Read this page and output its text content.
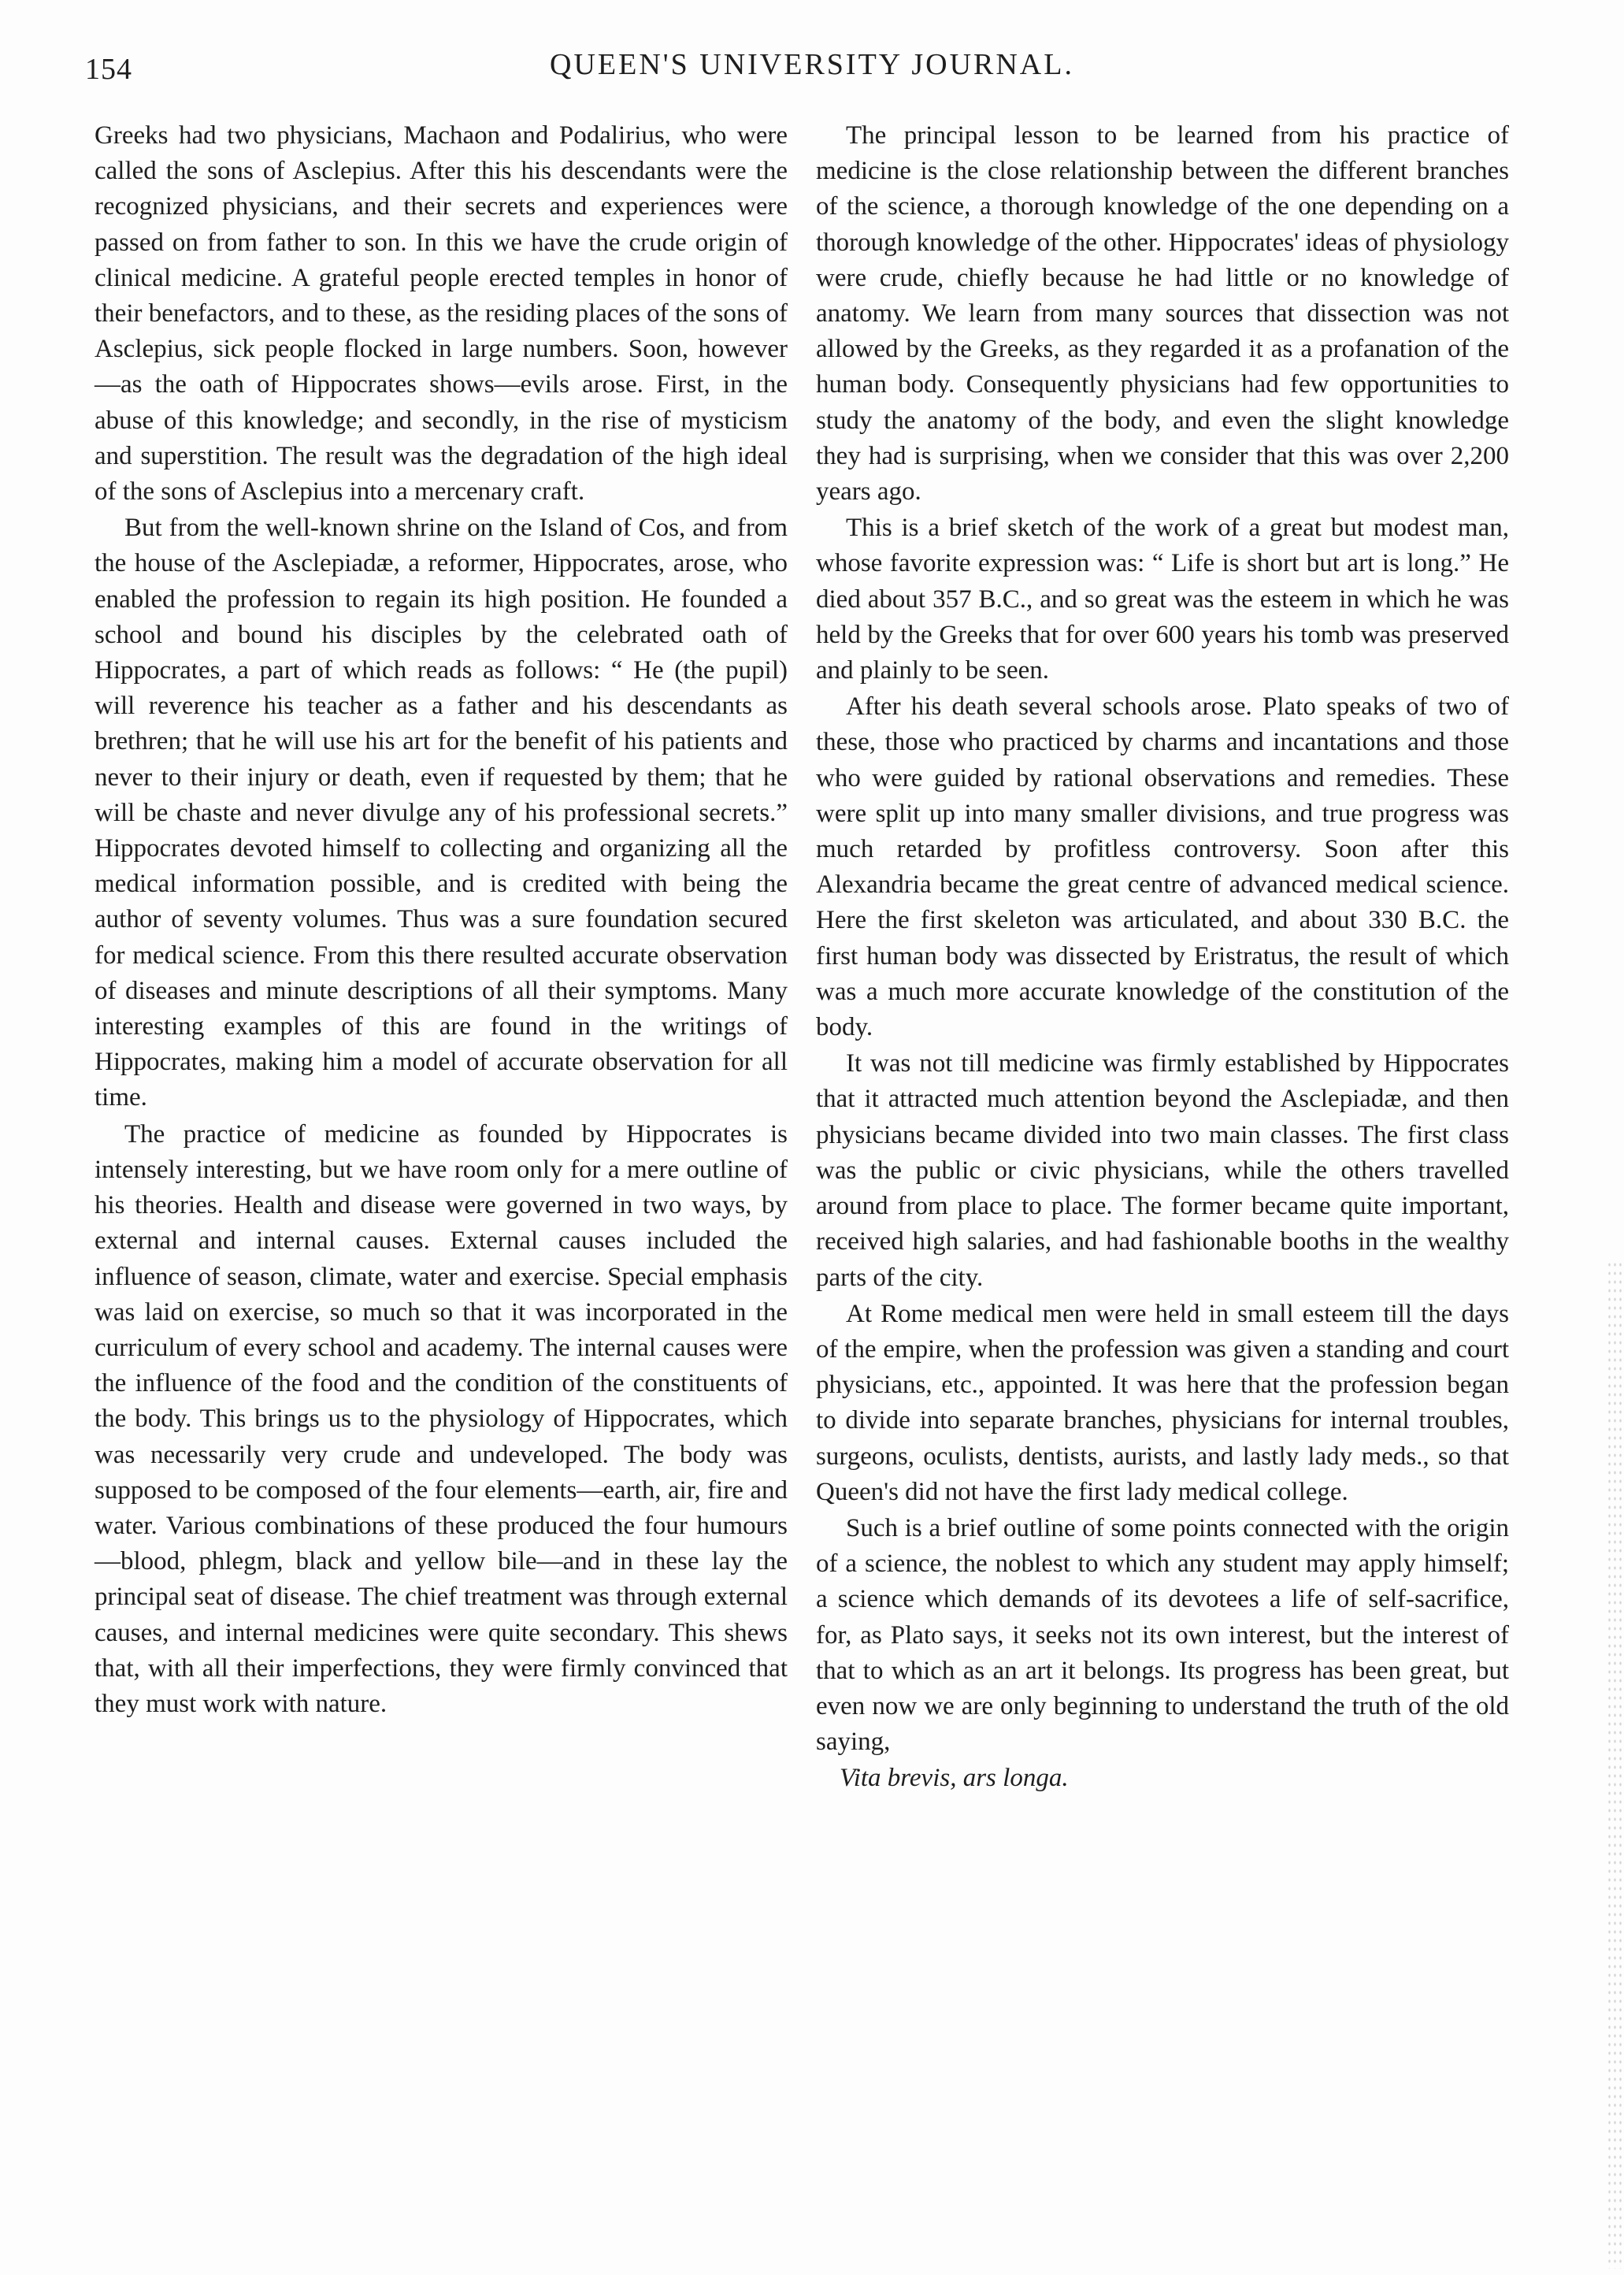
154	QUEEN'S UNIVERSITY JOURNAL.

Greeks had two physicians, Machaon and Podalirius, who were called the sons of Asclepius. After this his descendants were the recognized physicians, and their secrets and experiences were passed on from father to son. In this we have the crude origin of clinical medicine. A grateful people erected temples in honor of their benefactors, and to these, as the residing places of the sons of Asclepius, sick people flocked in large numbers. Soon, however—as the oath of Hippocrates shows—evils arose. First, in the abuse of this knowledge; and secondly, in the rise of mysticism and superstition. The result was the degradation of the high ideal of the sons of Asclepius into a mercenary craft.

But from the well-known shrine on the Island of Cos, and from the house of the Asclepiadæ, a reformer, Hippocrates, arose, who enabled the profession to regain its high position. He founded a school and bound his disciples by the celebrated oath of Hippocrates, a part of which reads as follows: “ He (the pupil) will reverence his teacher as a father and his descendants as brethren; that he will use his art for the benefit of his patients and never to their injury or death, even if requested by them; that he will be chaste and never divulge any of his professional secrets.” Hippocrates devoted himself to collecting and organizing all the medical information possible, and is credited with being the author of seventy volumes. Thus was a sure foundation secured for medical science. From this there resulted accurate observation of diseases and minute descriptions of all their symptoms. Many interesting examples of this are found in the writings of Hippocrates, making him a model of accurate observation for all time.

The practice of medicine as founded by Hippocrates is intensely interesting, but we have room only for a mere outline of his theories. Health and disease were governed in two ways, by external and internal causes. External causes included the influence of season, climate, water and exercise. Special emphasis was laid on exercise, so much so that it was incorporated in the curriculum of every school and academy. The internal causes were the influence of the food and the condition of the constituents of the body. This brings us to the physiology of Hippocrates, which was necessarily very crude and undeveloped. The body was supposed to be composed of the four elements—earth, air, fire and water. Various combinations of these produced the four humours—blood, phlegm, black and yellow bile—and in these lay the principal seat of disease. The chief treatment was through external causes, and internal medicines were quite secondary. This shews that, with all their imperfections, they were firmly convinced that they must work with nature.

The principal lesson to be learned from his practice of medicine is the close relationship between the different branches of the science, a thorough knowledge of the one depending on a thorough knowledge of the other. Hippocrates' ideas of physiology were crude, chiefly because he had little or no knowledge of anatomy. We learn from many sources that dissection was not allowed by the Greeks, as they regarded it as a profanation of the human body. Consequently physicians had few opportunities to study the anatomy of the body, and even the slight knowledge they had is surprising, when we consider that this was over 2,200 years ago.

This is a brief sketch of the work of a great but modest man, whose favorite expression was: “ Life is short but art is long.” He died about 357 B.C., and so great was the esteem in which he was held by the Greeks that for over 600 years his tomb was preserved and plainly to be seen.

After his death several schools arose. Plato speaks of two of these, those who practiced by charms and incantations and those who were guided by rational observations and remedies. These were split up into many smaller divisions, and true progress was much retarded by profitless controversy. Soon after this Alexandria became the great centre of advanced medical science. Here the first skeleton was articulated, and about 330 B.C. the first human body was dissected by Eristratus, the result of which was a much more accurate knowledge of the constitution of the body.

It was not till medicine was firmly established by Hippocrates that it attracted much attention beyond the Asclepiadæ, and then physicians became divided into two main classes. The first class was the public or civic physicians, while the others travelled around from place to place. The former became quite important, received high salaries, and had fashionable booths in the wealthy parts of the city.

At Rome medical men were held in small esteem till the days of the empire, when the profession was given a standing and court physicians, etc., appointed. It was here that the profession began to divide into separate branches, physicians for internal troubles, surgeons, oculists, dentists, aurists, and lastly lady meds., so that Queen's did not have the first lady medical college.

Such is a brief outline of some points connected with the origin of a science, the noblest to which any student may apply himself; a science which demands of its devotees a life of self-sacrifice, for, as Plato says, it seeks not its own interest, but the interest of that to which as an art it belongs. Its progress has been great, but even now we are only beginning to understand the truth of the old saying,

Vita brevis, ars longa.
